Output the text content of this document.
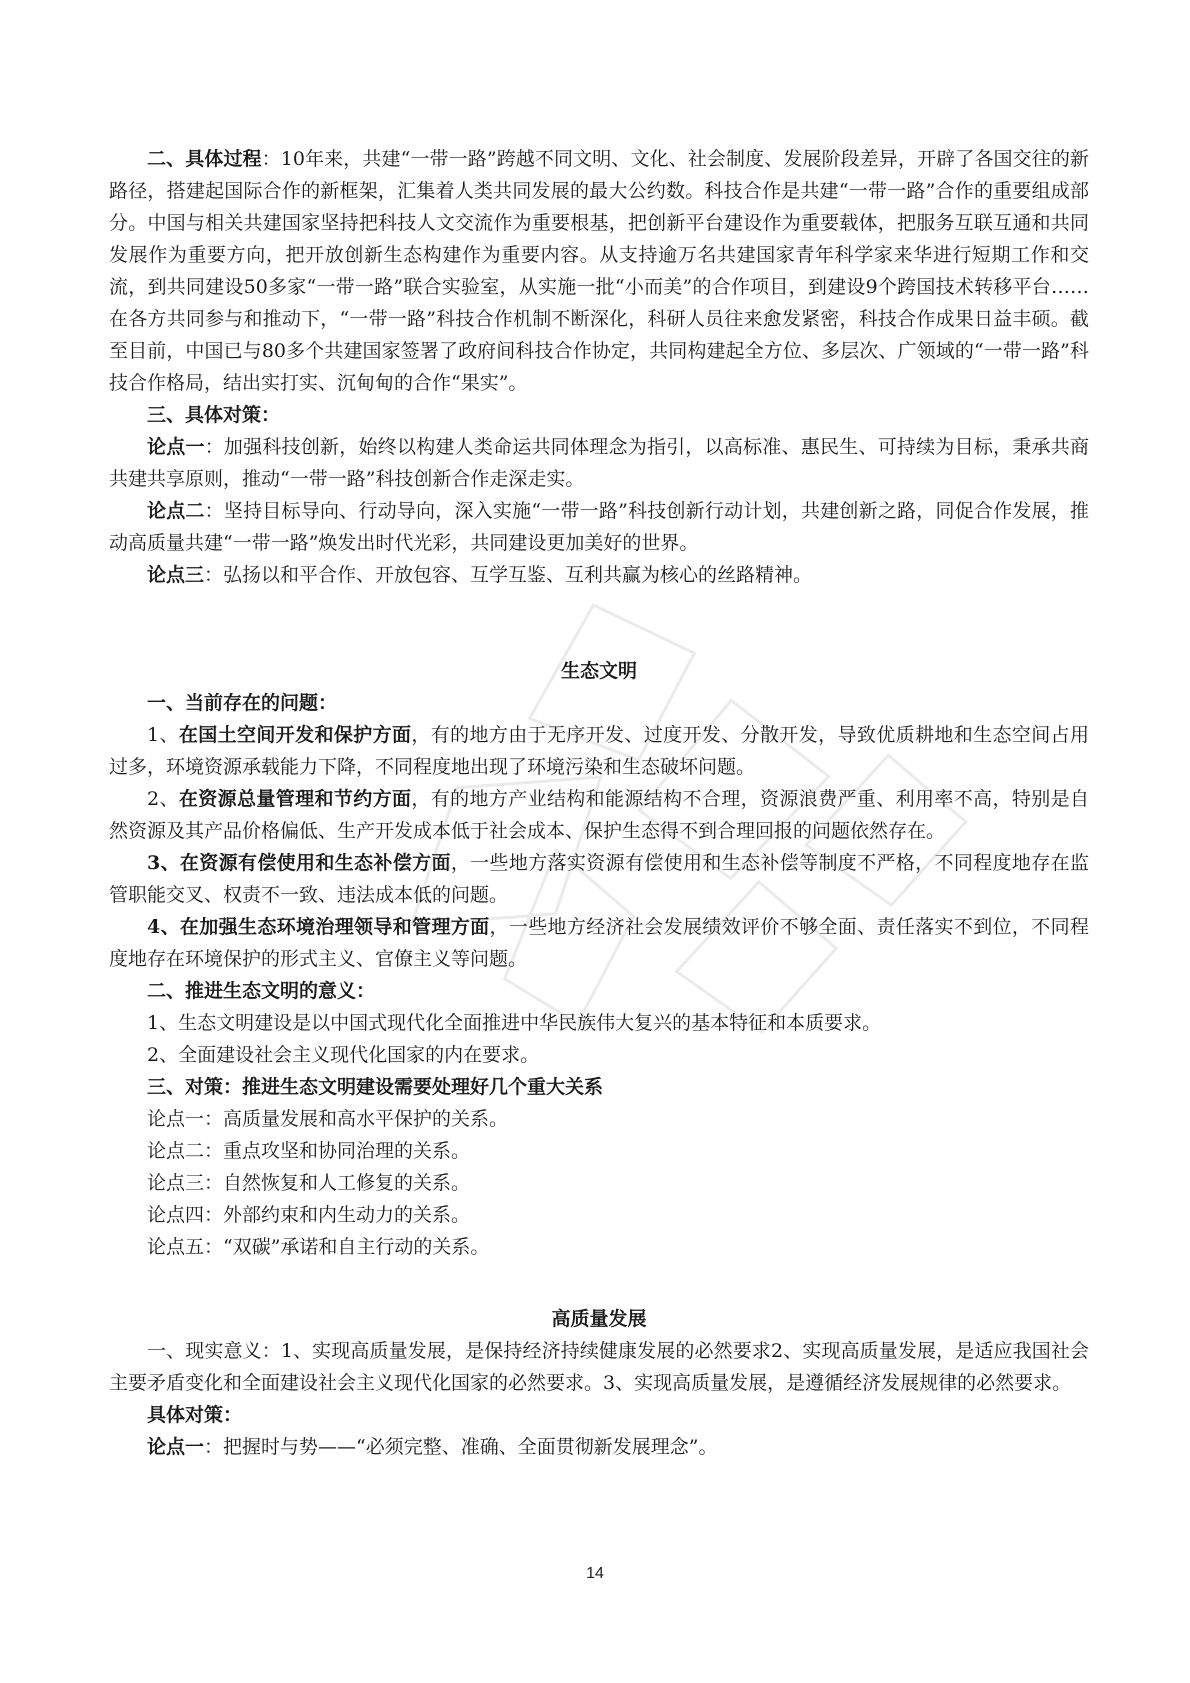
二、具体过程：10年来，共建“一带一路”跨越不同文明、文化、社会制度、发展阶段差异，开辟了各国交往的新路径，搭建起国际合作的新框架，汇集着人类共同发展的最大公约数。科技合作是共建“一带一路”合作的重要组成部分。中国与相关共建国家坚持把科技人文交流作为重要根基，把创新平台建设作为重要载体，把服务互联互通和共同发展作为重要方向，把开放创新生态构建作为重要内容。从支持逾万名共建国家青年科学家来华进行短期工作和交流，到共同建设50多家“一带一路”联合实验室，从实施一批“小而美”的合作项目，到建设9个跨国技术转移平台……在各方共同参与和推动下，“一带一路”科技合作机制不断深化，科研人员往来愈发紧密，科技合作成果日益丰硕。截至目前，中国已与80多个共建国家签署了政府间科技合作协定，共同构建起全方位、多层次、广领域的“一带一路”科技合作格局，结出实打实、沉甸甸的合作“果实”。

三、具体对策：

论点一：加强科技创新，始终以构建人类命运共同体理念为指引，以高标准、惠民生、可持续为目标，秉承共商共建共享原则，推动“一带一路”科技创新合作走深走实。

论点二：坚持目标导向、行动导向，深入实施“一带一路”科技创新行动计划，共建创新之路，同促合作发展，推动高质量共建“一带一路”焕发出时代光彩，共同建设更加美好的世界。

论点三：弘扬以和平合作、开放包容、互学互鉴、互利共赢为核心的丝路精神。

生态文明

一、当前存在的问题：

1、在国土空间开发和保护方面，有的地方由于无序开发、过度开发、分散开发，导致优质耕地和生态空间占用过多，环境资源承载能力下降，不同程度地出现了环境污染和生态破坏问题。

2、在资源总量管理和节约方面，有的地方产业结构和能源结构不合理，资源浪费严重、利用率不高，特别是自然资源及其产品价格偏低、生产开发成本低于社会成本、保护生态得不到合理回报的问题依然存在。

3、在资源有偿使用和生态补偿方面，一些地方落实资源有偿使用和生态补偿等制度不严格，不同程度地存在监管职能交叉、权责不一致、违法成本低的问题。

4、在加强生态环境治理领导和管理方面，一些地方经济社会发展绩效评价不够全面、责任落实不到位，不同程度地存在环境保护的形式主义、官僚主义等问题。

二、推进生态文明的意义：

1、生态文明建设是以中国式现代化全面推进中华民族伟大复兴的基本特征和本质要求。

2、全面建设社会主义现代化国家的内在要求。

三、对策：推进生态文明建设需要处理好几个重大关系

论点一：高质量发展和高水平保护的关系。

论点二：重点攻坚和协同治理的关系。

论点三：自然恢复和人工修复的关系。

论点四：外部约束和内生动力的关系。

论点五：“双碳”承诺和自主行动的关系。

高质量发展

一、现实意义：1、实现高质量发展，是保持经济持续健康发展的必然要求2、实现高质量发展，是适应我国社会主要矛盾变化和全面建设社会主义现代化国家的必然要求。3、实现高质量发展，是遵循经济发展规律的必然要求。

具体对策：

论点一：把握时与势——“必须完整、准确、全面贯彻新发展理念”。

14
